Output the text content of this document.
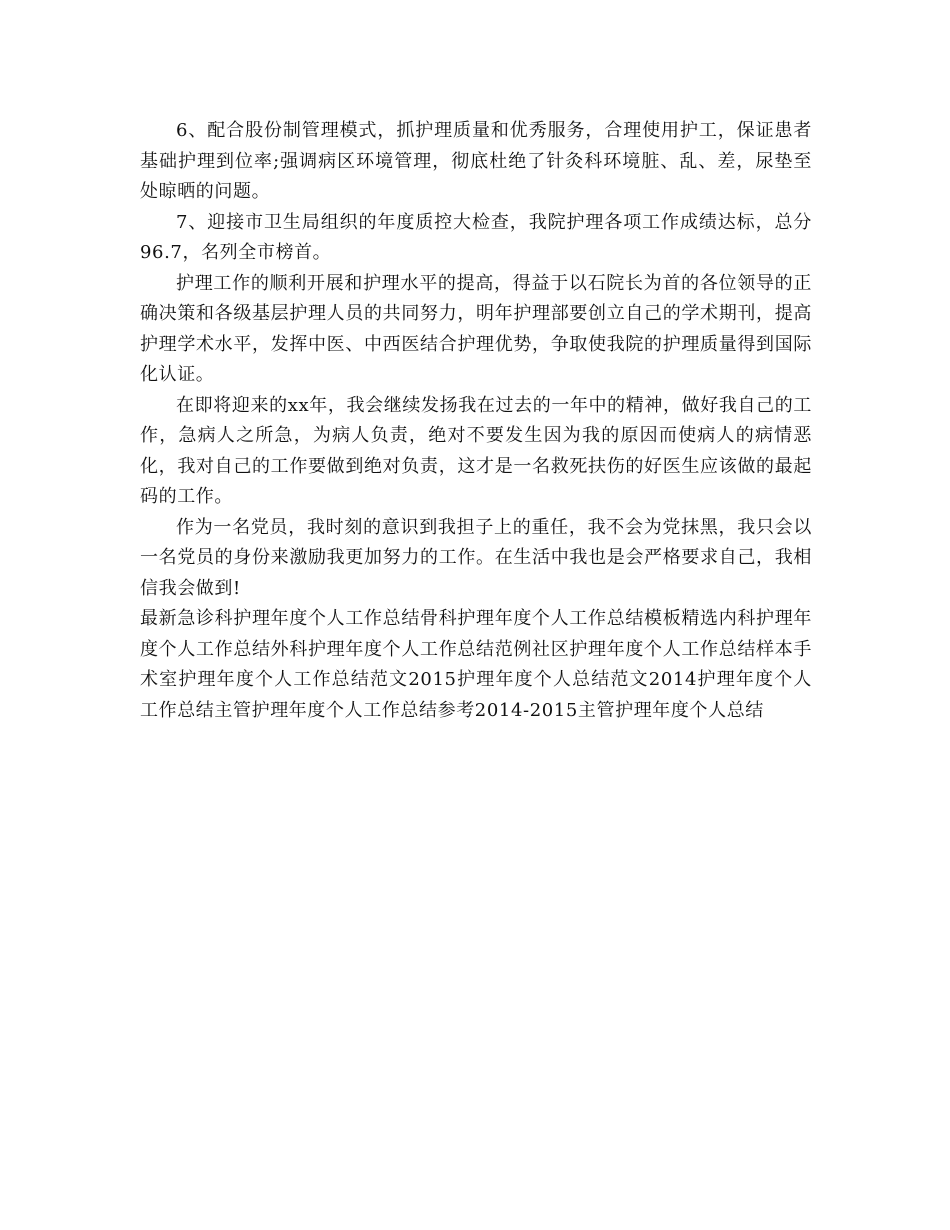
6、配合股份制管理模式，抓护理质量和优秀服务，合理使用护工，保证患者基础护理到位率;强调病区环境管理，彻底杜绝了针灸科环境脏、乱、差，尿垫至处晾晒的问题。

7、迎接市卫生局组织的年度质控大检查，我院护理各项工作成绩达标，总分96.7，名列全市榜首。

护理工作的顺利开展和护理水平的提高，得益于以石院长为首的各位领导的正确决策和各级基层护理人员的共同努力，明年护理部要创立自己的学术期刊，提高护理学术水平，发挥中医、中西医结合护理优势，争取使我院的护理质量得到国际化认证。

在即将迎来的xx年，我会继续发扬我在过去的一年中的精神，做好我自己的工作，急病人之所急，为病人负责，绝对不要发生因为我的原因而使病人的病情恶化，我对自己的工作要做到绝对负责，这才是一名救死扶伤的好医生应该做的最起码的工作。

作为一名党员，我时刻的意识到我担子上的重任，我不会为党抹黑，我只会以一名党员的身份来激励我更加努力的工作。在生活中我也是会严格要求自己，我相信我会做到!

最新急诊科护理年度个人工作总结骨科护理年度个人工作总结模板精选内科护理年度个人工作总结外科护理年度个人工作总结范例社区护理年度个人工作总结样本手术室护理年度个人工作总结范文2015护理年度个人总结范文2014护理年度个人工作总结主管护理年度个人工作总结参考2014-2015主管护理年度个人总结
